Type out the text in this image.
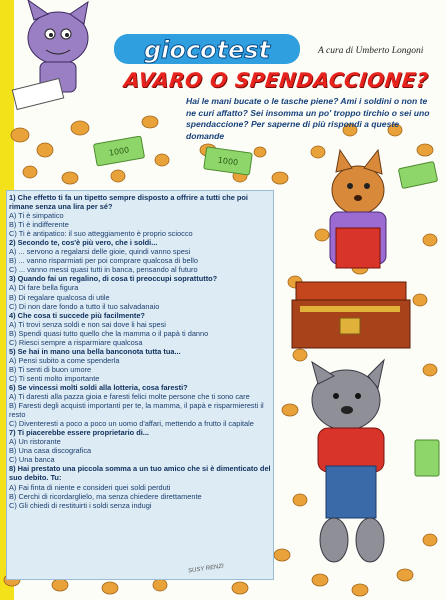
giocotest	A cura di Umberto Longoni
AVARO O SPENDACCIONE?
Hai le mani bucate o le tasche piene? Ami i soldini o non te ne curi affatto? Sei insomma un po' troppo tirchio o sei uno spendaccione? Per saperne di più rispondi a queste domande
1) Che effetto ti fa un tipetto sempre disposto a offrire a tutti che poi rimane senza una lira per sé?
A) Ti è simpatico
B) Ti è indifferente
C) Ti è antipatico: il suo atteggiamento è proprio sciocco
2) Secondo te, cos'è più vero, che i soldi...
A) ... servono a regalarsi delle gioie, quindi vanno spesi
B) ... vanno risparmiati per poi comprare qualcosa di bello
C) ... vanno messi quasi tutti in banca, pensando al futuro
3) Quando fai un regalino, di cosa ti preoccupi soprattutto?
A) Di fare bella figura
B) Di regalare qualcosa di utile
C) Di non dare fondo a tutto il tuo salvadanaio
4) Che cosa ti succede più facilmente?
A) Ti trovi senza soldi e non sai dove li hai spesi
B) Spendi quasi tutto quello che la mamma o il papà ti danno
C) Riesci sempre a risparmiare qualcosa
5) Se hai in mano una bella banconota tutta tua...
A) Pensi subito a come spenderla
B) Ti senti di buon umore
C) Ti senti molto importante
6) Se vincessi molti soldi alla lotteria, cosa faresti?
A) Ti daresti alla pazza gioia e faresti felici molte persone che ti sono care
B) Faresti degli acquisti importanti per te, la mamma, il papà e risparmieresti il resto
C) Diventeresti a poco a poco un uomo d'affari, mettendo a frutto il capitale
7) Ti piacerebbe essere proprietario di...
A) Un ristorante
B) Una casa discografica
C) Una banca
8) Hai prestato una piccola somma a un tuo amico che si è dimenticato del suo debito. Tu:
A) Fai finta di niente e consideri quei soldi perduti
B) Cerchi di ricordarglielo, ma senza chiedere direttamente
C) Gli chiedi di restituirti i soldi senza indugi
1000
1000
SUSY RENZI
